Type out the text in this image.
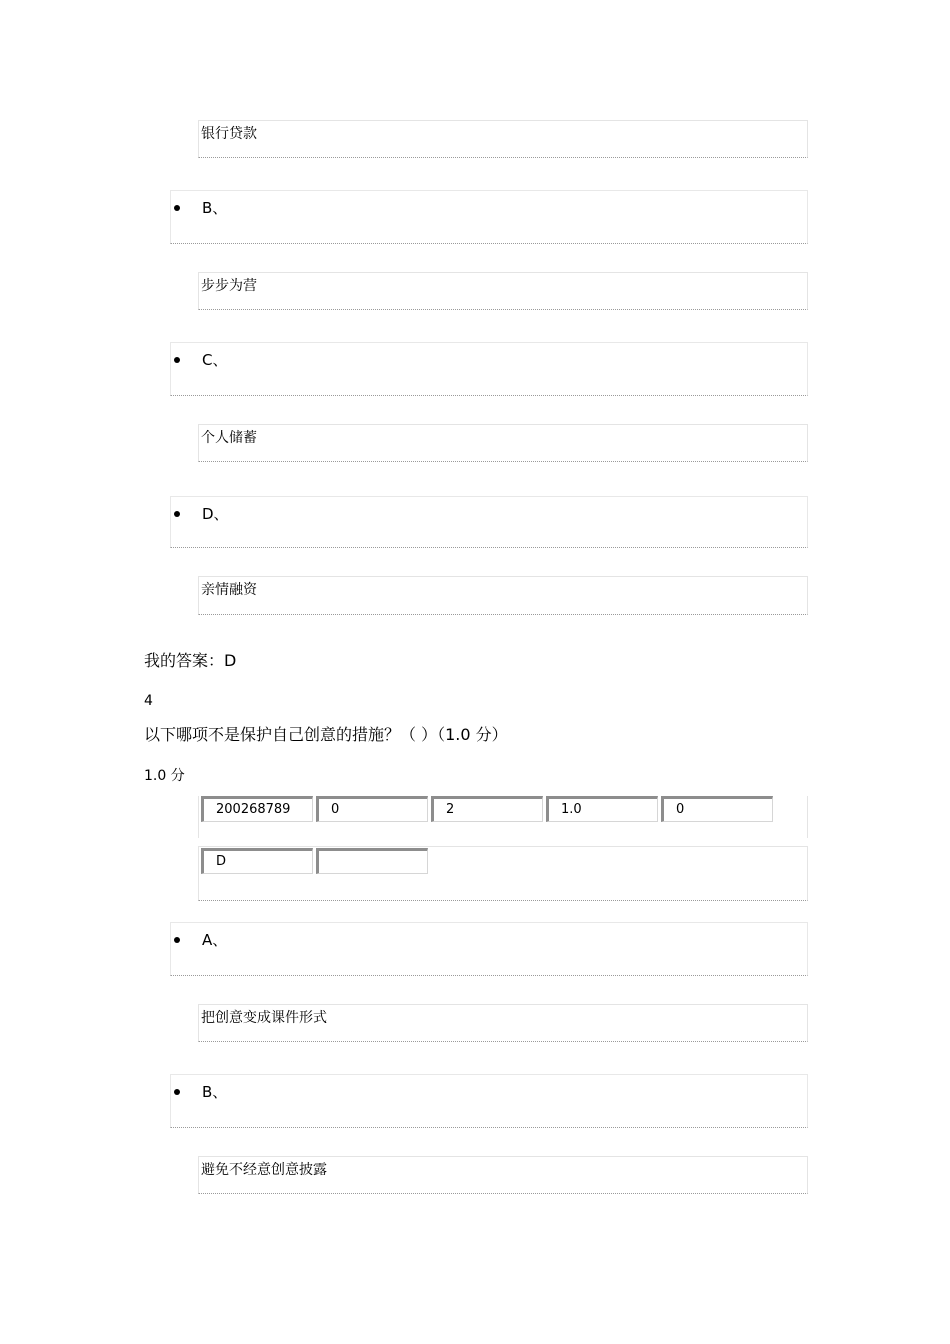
银行贷款
B、
步步为营
C、
个人储蓄
D、
亲情融资
我的答案：D
4
以下哪项不是保护自己创意的措施？（ ）（1.0 分）
1.0 分
200268789	0	2	1.0	0
D
A、
把创意变成课件形式
B、
避免不经意创意披露
